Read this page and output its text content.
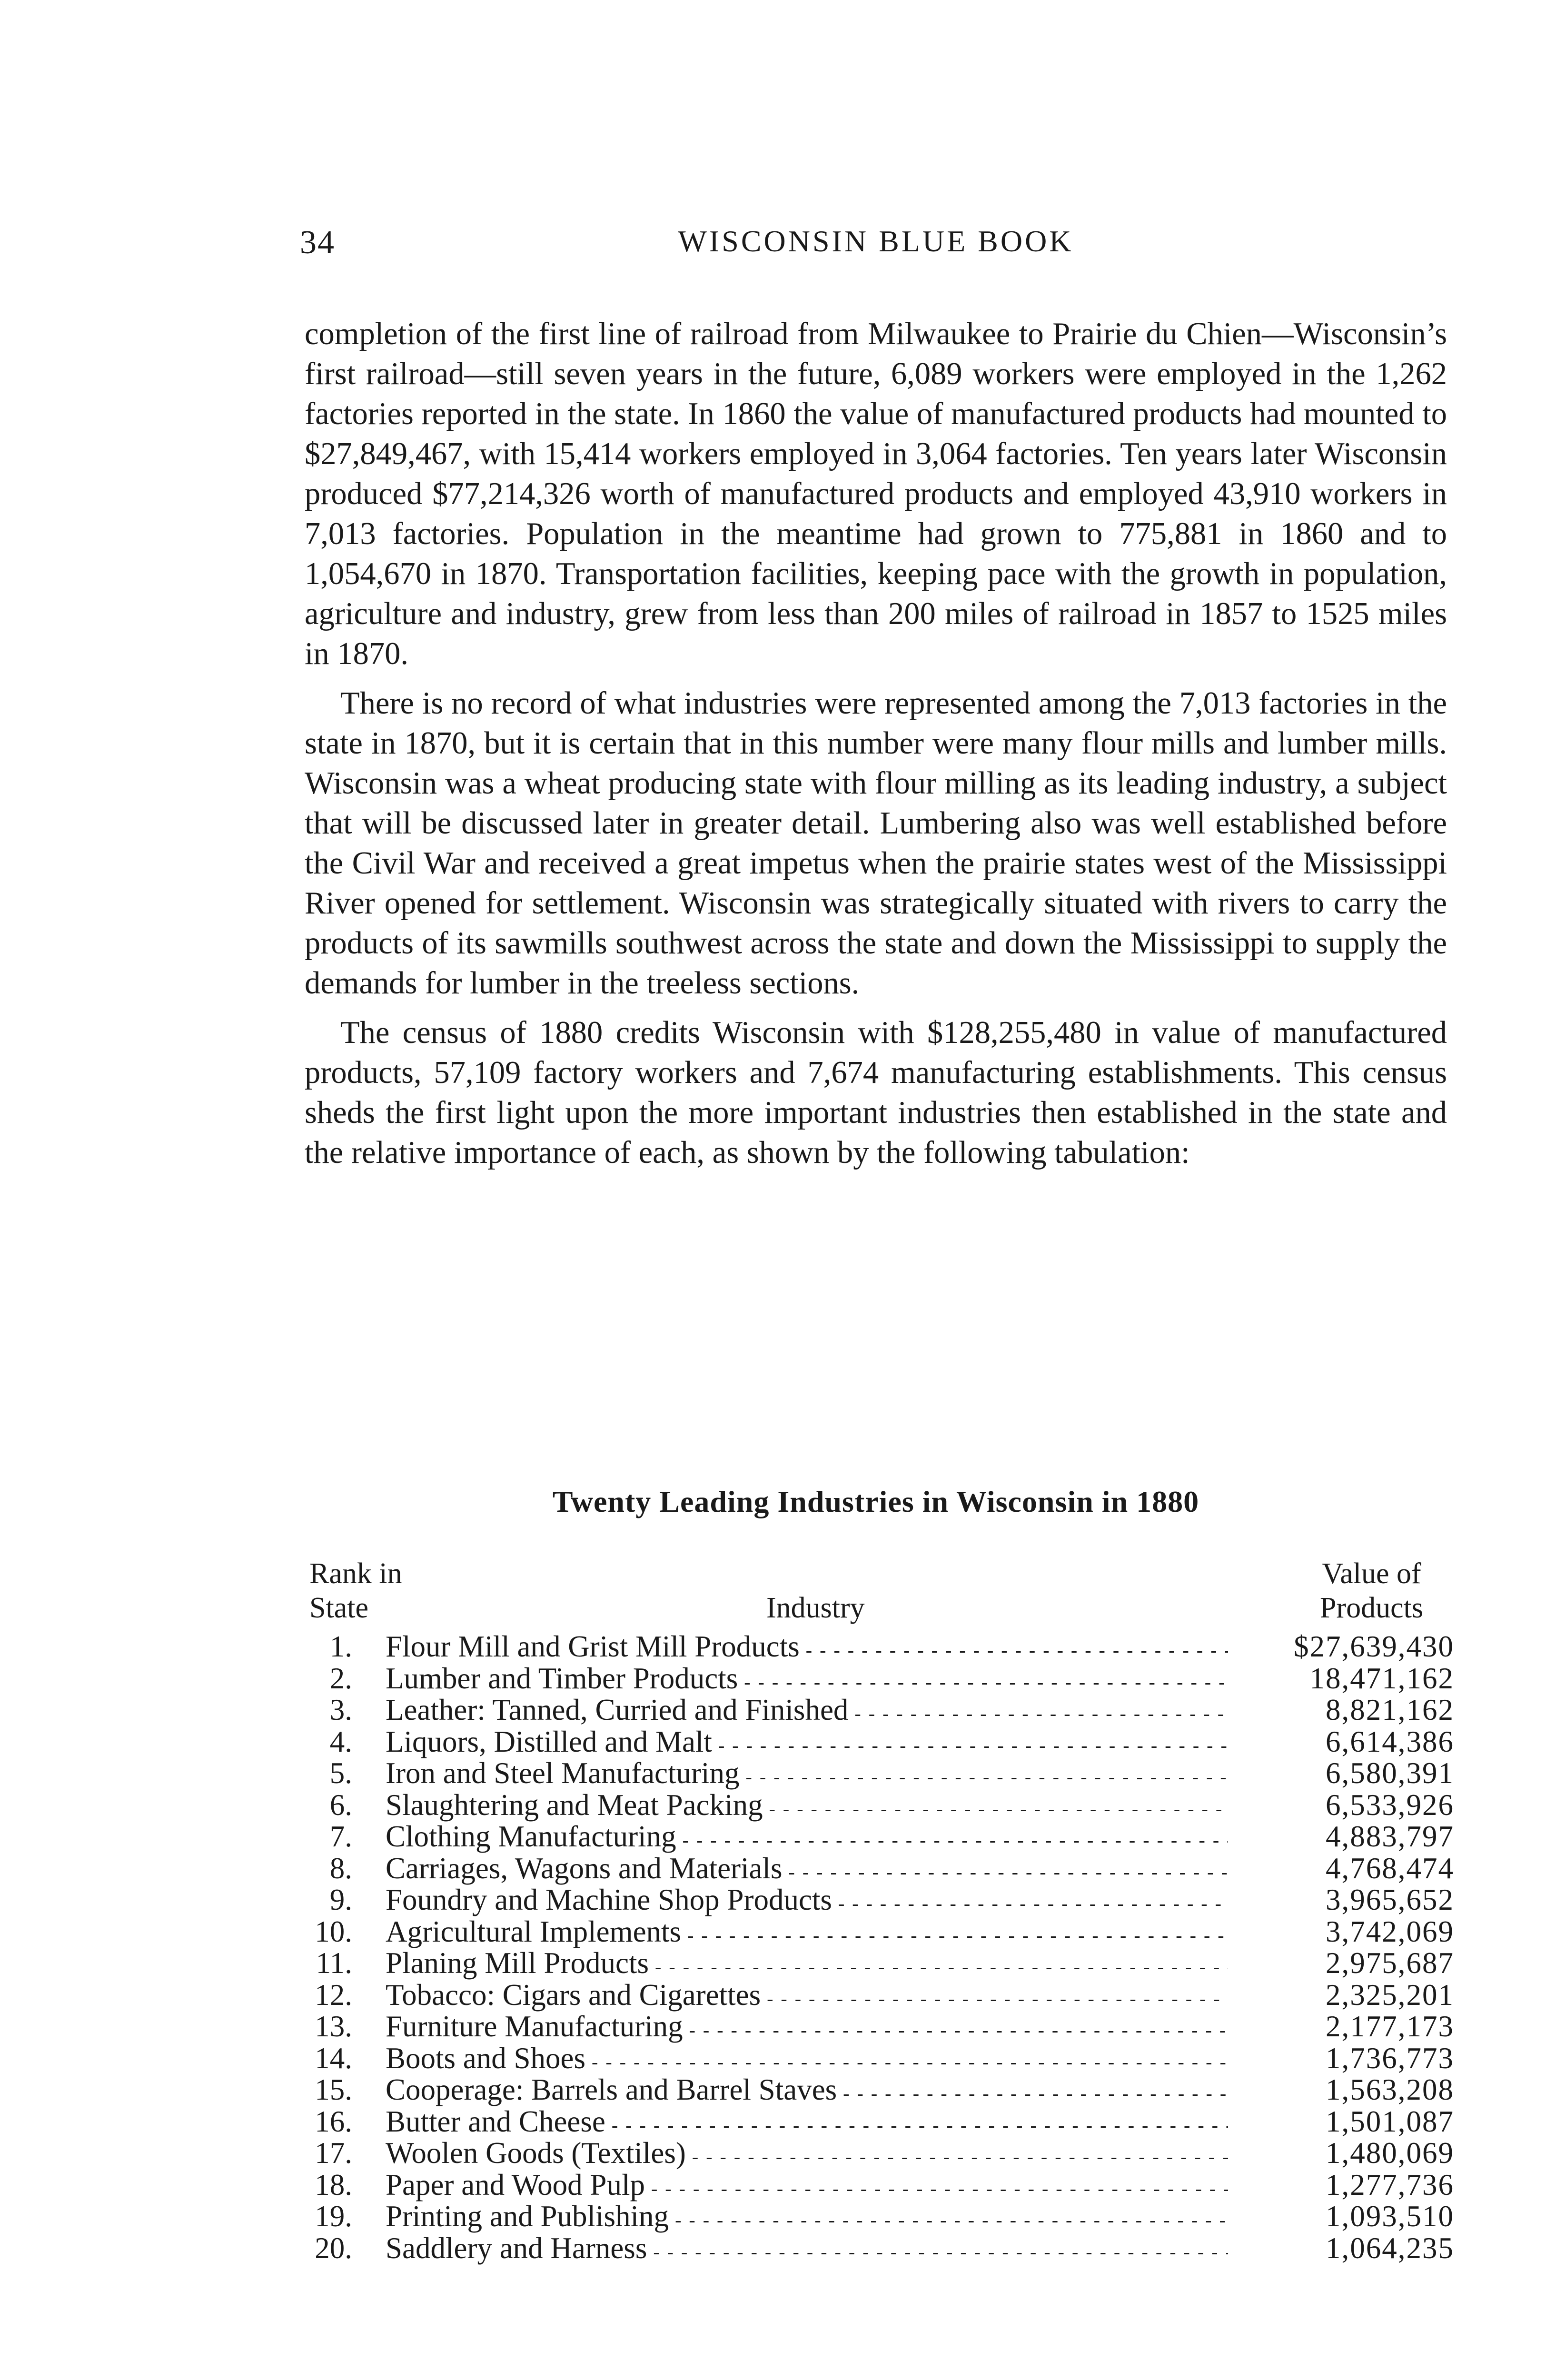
34	WISCONSIN BLUE BOOK

completion of the first line of railroad from Milwaukee to Prairie du Chien—Wisconsin’s first railroad—still seven years in the future, 6,089 workers were employed in the 1,262 factories reported in the state. In 1860 the value of manufactured products had mounted to $27,849,467, with 15,414 workers employed in 3,064 factories. Ten years later Wisconsin produced $77,214,326 worth of manufactured products and employed 43,910 workers in 7,013 factories. Population in the meantime had grown to 775,881 in 1860 and to 1,054,670 in 1870. Transportation facilities, keeping pace with the growth in population, agriculture and industry, grew from less than 200 miles of railroad in 1857 to 1525 miles in 1870.

There is no record of what industries were represented among the 7,013 factories in the state in 1870, but it is certain that in this number were many flour mills and lumber mills. Wisconsin was a wheat producing state with flour milling as its leading industry, a subject that will be discussed later in greater detail. Lumbering also was well established before the Civil War and received a great impetus when the prairie states west of the Mississippi River opened for settlement. Wisconsin was strategically situated with rivers to carry the products of its sawmills southwest across the state and down the Mississippi to supply the demands for lumber in the treeless sections.

The census of 1880 credits Wisconsin with $128,255,480 in value of manufactured products, 57,109 factory workers and 7,674 manufacturing establishments. This census sheds the first light upon the more important industries then established in the state and the relative importance of each, as shown by the following tabulation:

Twenty Leading Industries in Wisconsin in 1880
Rank in
State	Industry
Value of
Products
1. Flour Mill and Grist Mill Products - - -	$27,639,430
2. Lumber and Timber Products - - -	18,471,162
3. Leather: Tanned, Curried and Finished - - -	8,821,162
4. Liquors, Distilled and Malt - - -	6,614,386
5. Iron and Steel Manufacturing - - -	6,580,391
6. Slaughtering and Meat Packing - - -	6,533,926
7. Clothing Manufacturing - - -	4,883,797
8. Carriages, Wagons and Materials - - -	4,768,474
9. Foundry and Machine Shop Products - - -	3,965,652
10. Agricultural Implements - - -	3,742,069
11. Planing Mill Products - - -	2,975,687
12. Tobacco: Cigars and Cigarettes - - -	2,325,201
13. Furniture Manufacturing - - -	2,177,173
14. Boots and Shoes - - -	1,736,773
15. Cooperage: Barrels and Barrel Staves - - -	1,563,208
16. Butter and Cheese - - -	1,501,087
17. Woolen Goods (Textiles) - - -	1,480,069
18. Paper and Wood Pulp - - -	1,277,736
19. Printing and Publishing - - -	1,093,510
20. Saddlery and Harness - - -	1,064,235
